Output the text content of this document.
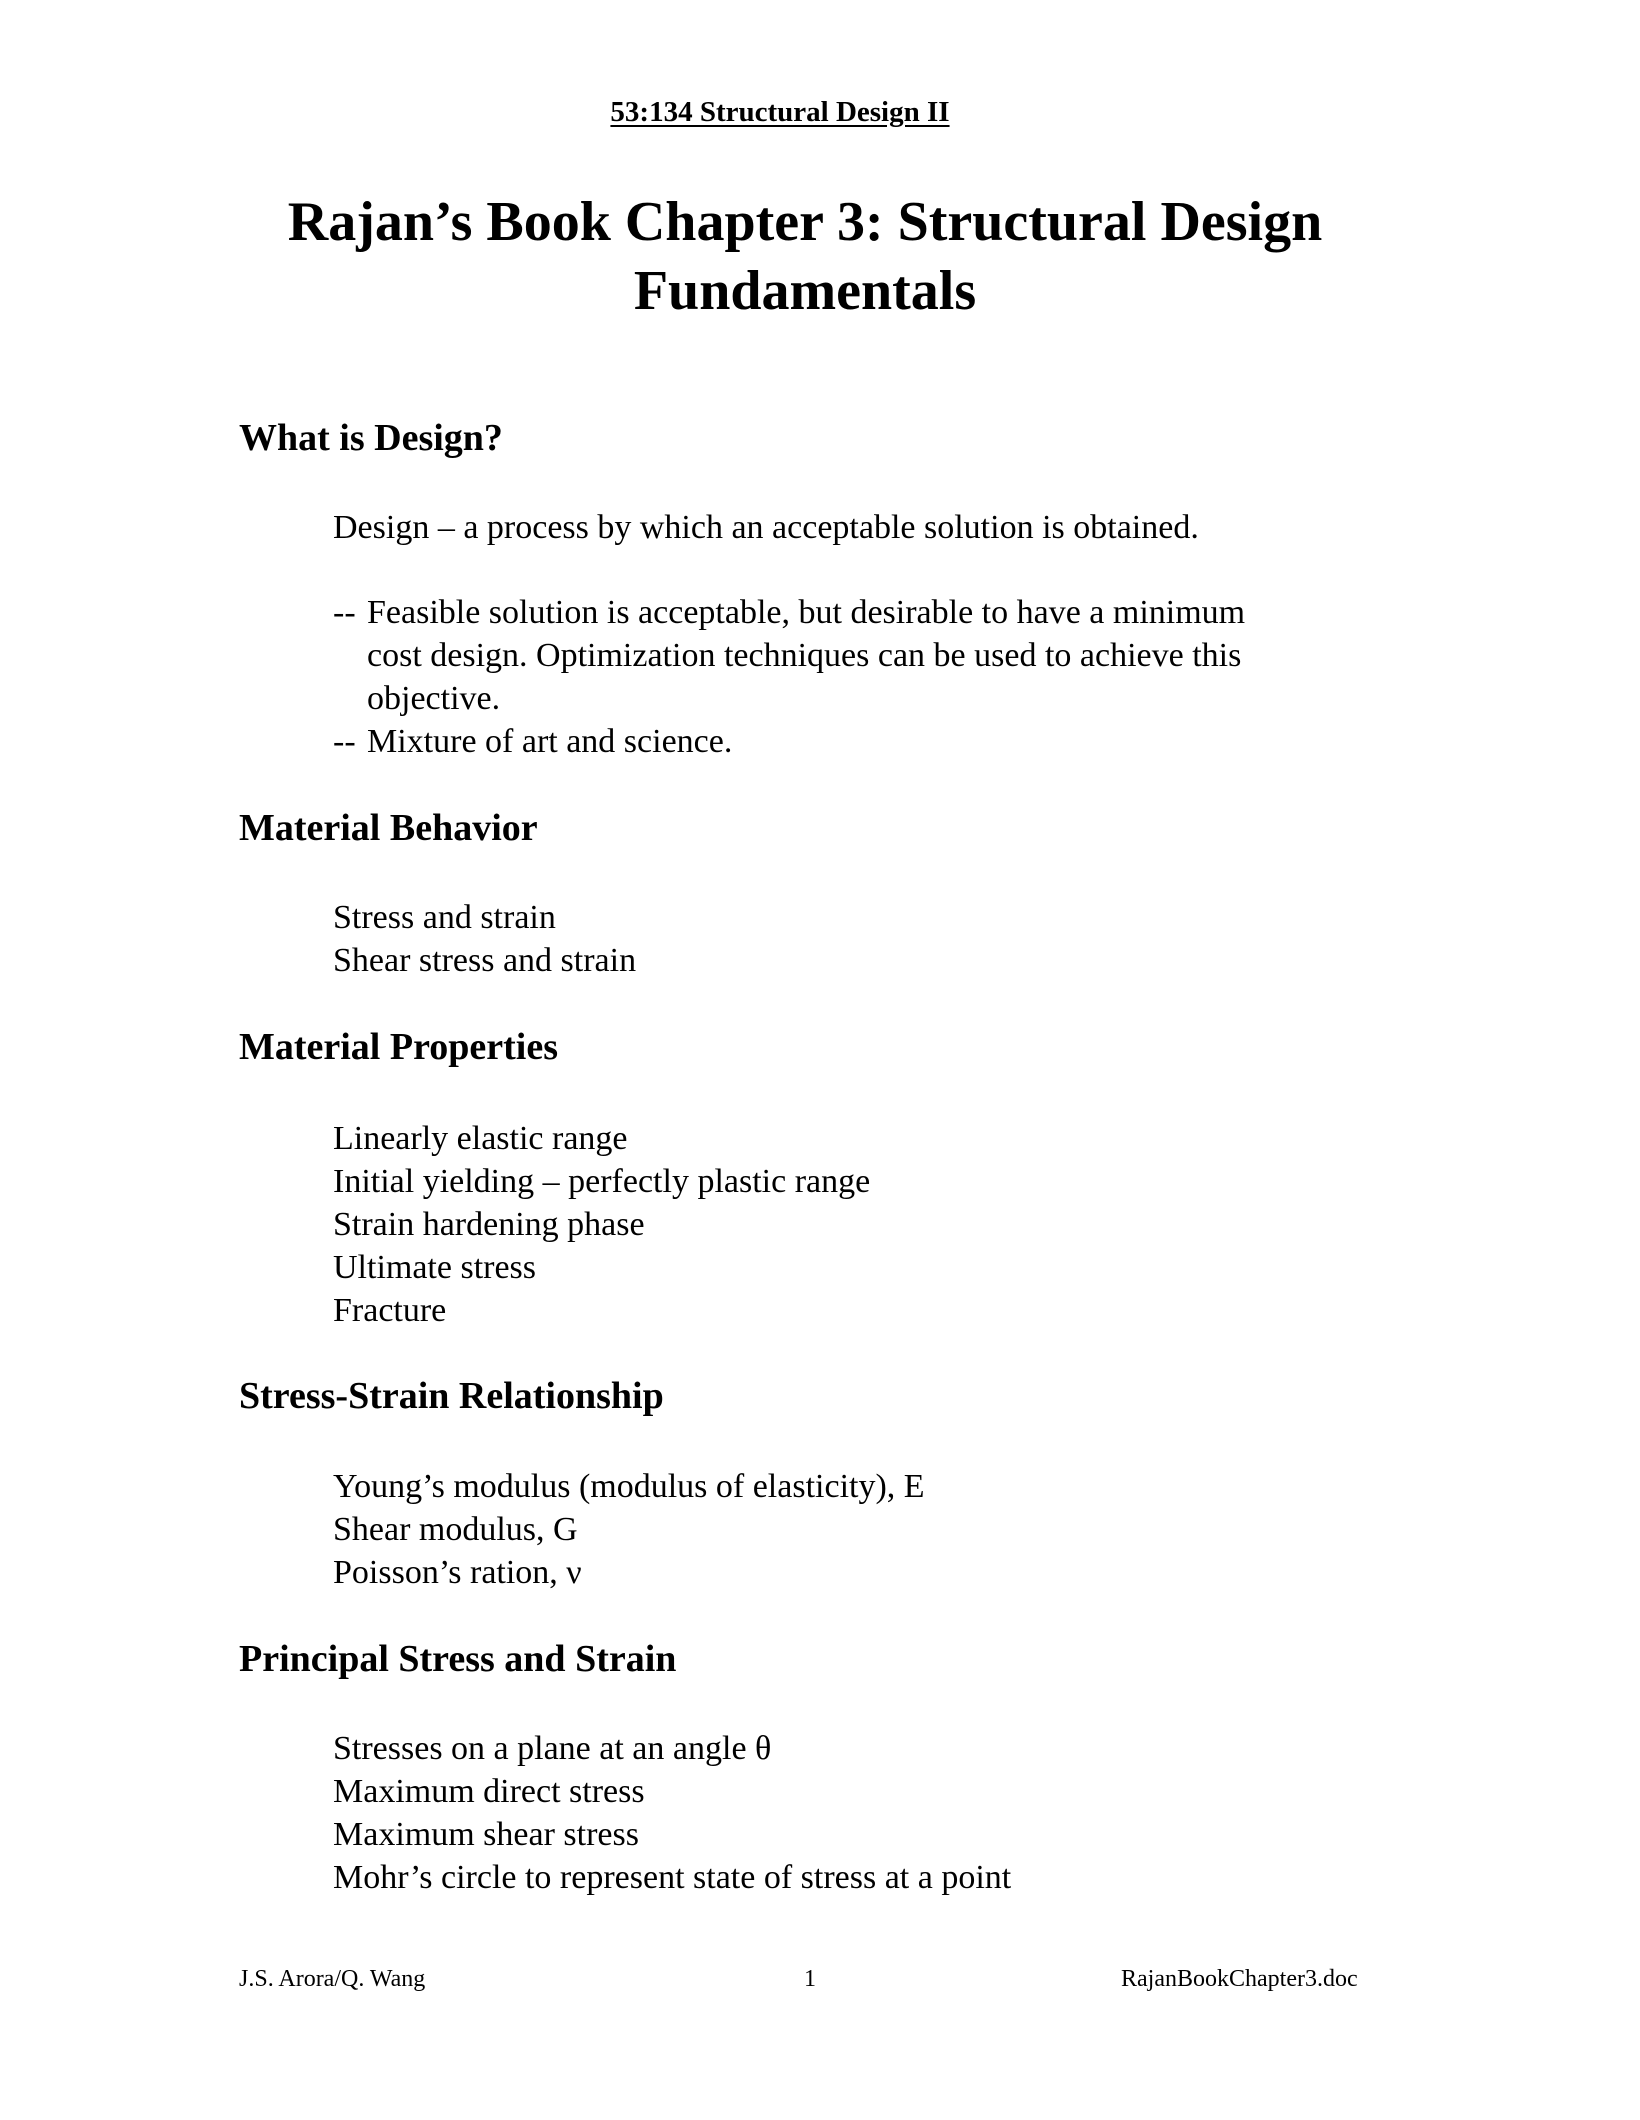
53:134 Structural Design II
Rajan’s Book Chapter 3: Structural Design
Fundamentals
What is Design?

Design – a process by which an acceptable solution is obtained.

-- Feasible solution is acceptable, but desirable to have a minimum
cost design. Optimization techniques can be used to achieve this
objective.
-- Mixture of art and science.
Material Behavior

Stress and strain

Shear stress and strain

Material Properties

Linearly elastic range

Initial yielding – perfectly plastic range

Strain hardening phase

Ultimate stress

Fracture

Stress-Strain Relationship

Young’s modulus (modulus of elasticity), E

Shear modulus, G

Poisson’s ration, ν

Principal Stress and Strain

Stresses on a plane at an angle θ

Maximum direct stress

Maximum shear stress

Mohr’s circle to represent state of stress at a point

J.S. Arora/Q. Wang	1	RajanBookChapter3.doc
